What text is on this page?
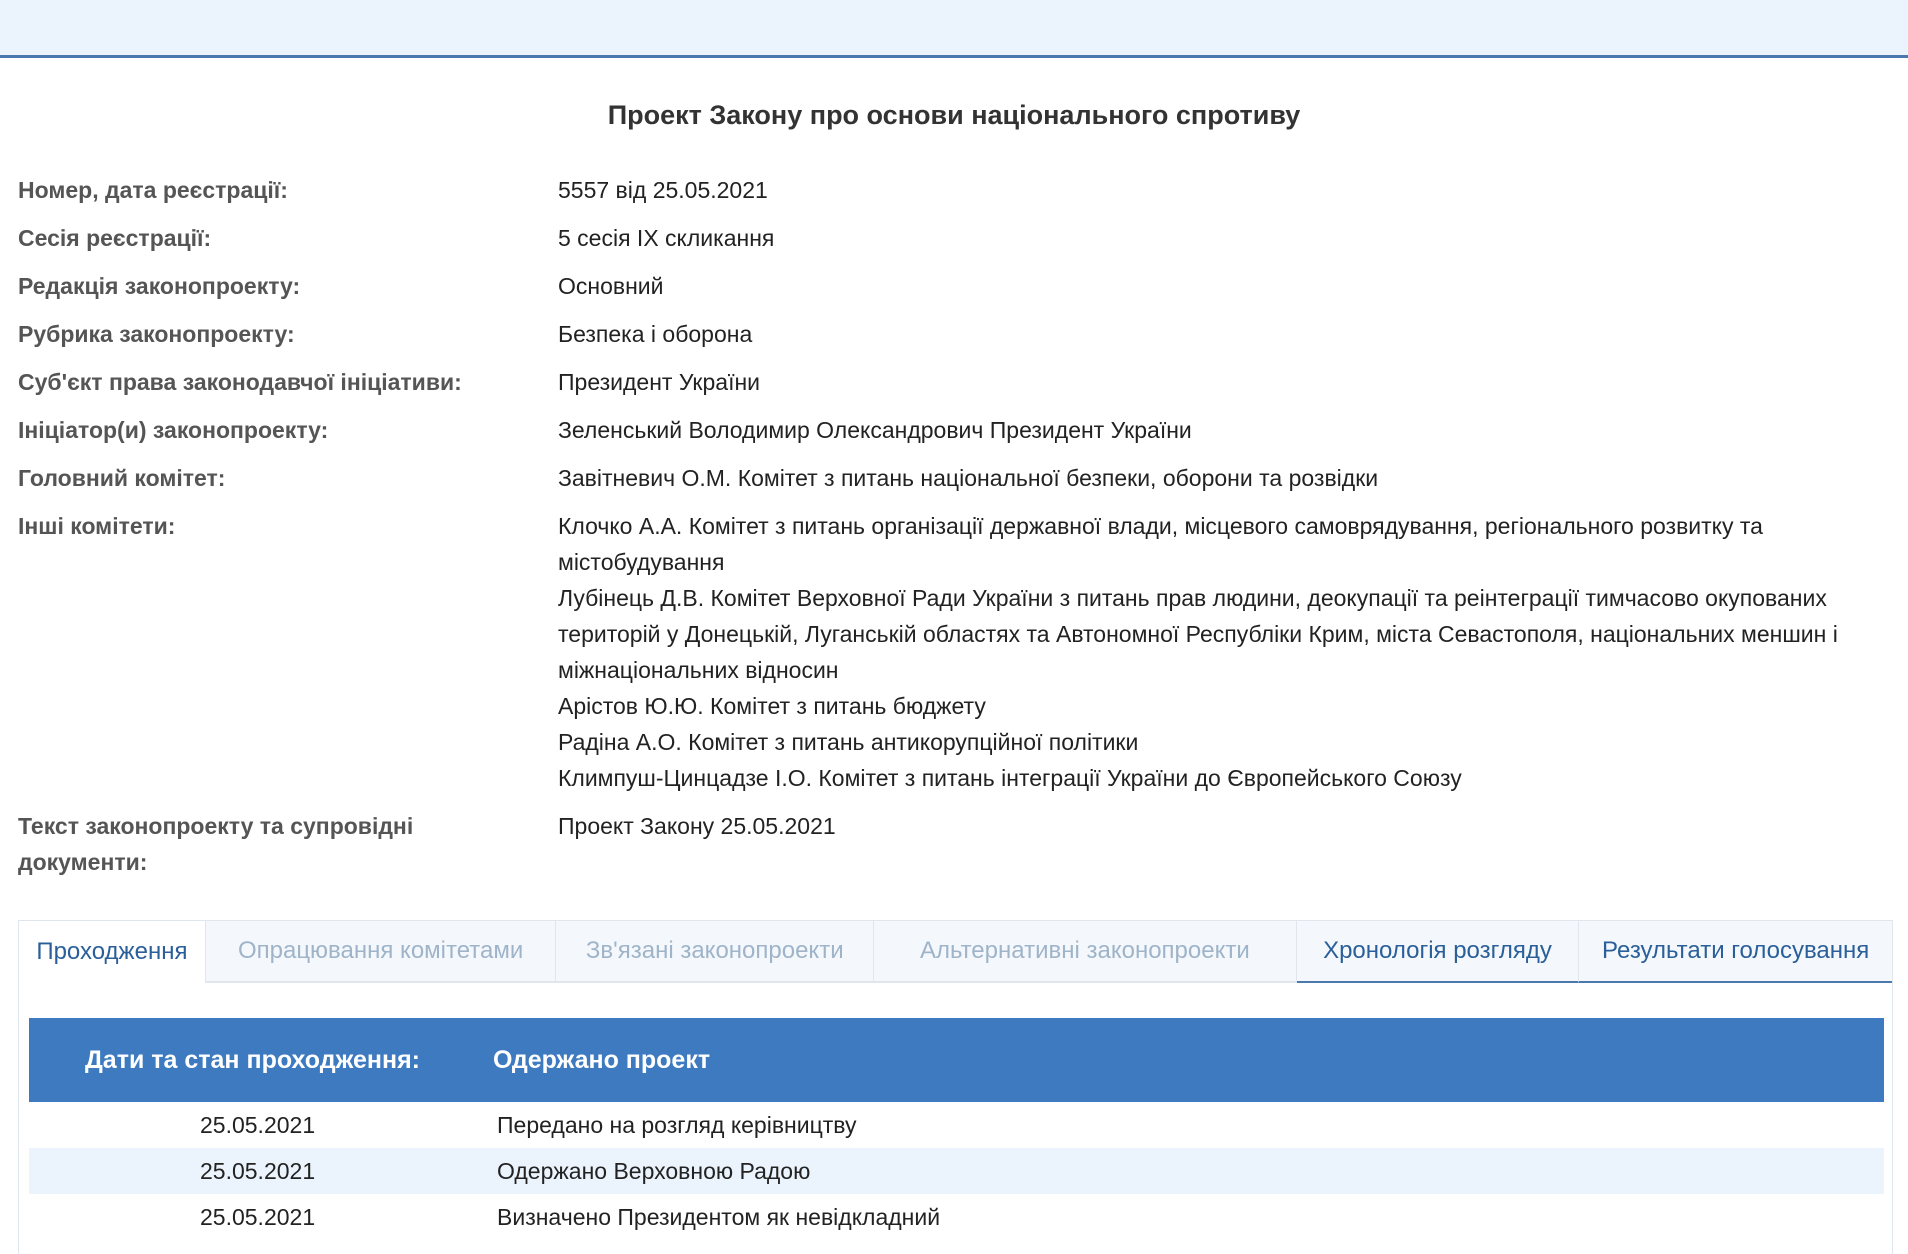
Проект Закону про основи національного спротиву
Номер, дата реєстрації:	5557 від 25.05.2021
Сесія реєстрації:	5 сесія IX скликання
Редакція законопроекту:	Основний
Рубрика законопроекту:	Безпека і оборона
Суб'єкт права законодавчої ініціативи:	Президент України
Ініціатор(и) законопроекту:	Зеленський Володимир Олександрович Президент України
Головний комітет:	Завітневич О.М. Комітет з питань національної безпеки, оборони та розвідки
Інші комітети:	Клочко А.А. Комітет з питань організації державної влади, місцевого самоврядування, регіонального розвитку та містобудування
Лубінець Д.В. Комітет Верховної Ради України з питань прав людини, деокупації та реінтеграції тимчасово окупованих територій у Донецькій, Луганській областях та Автономної Республіки Крим, міста Севастополя, національних меншин і міжнаціональних відносин
Арістов Ю.Ю. Комітет з питань бюджету
Радіна А.О. Комітет з питань антикорупційної політики
Климпуш-Цинцадзе І.О. Комітет з питань інтеграції України до Європейського Союзу
Текст законопроекту та супровідні документи:
Проект Закону 25.05.2021
Проходження	Опрацювання комітетами	Зв'язані законопроекти	Альтернативні законопроекти	Хронологія розгляду	Результати голосування
Дати та стан проходження:	Одержано проект
25.05.2021	Передано на розгляд керівництву
25.05.2021	Одержано Верховною Радою
25.05.2021	Визначено Президентом як невідкладний
